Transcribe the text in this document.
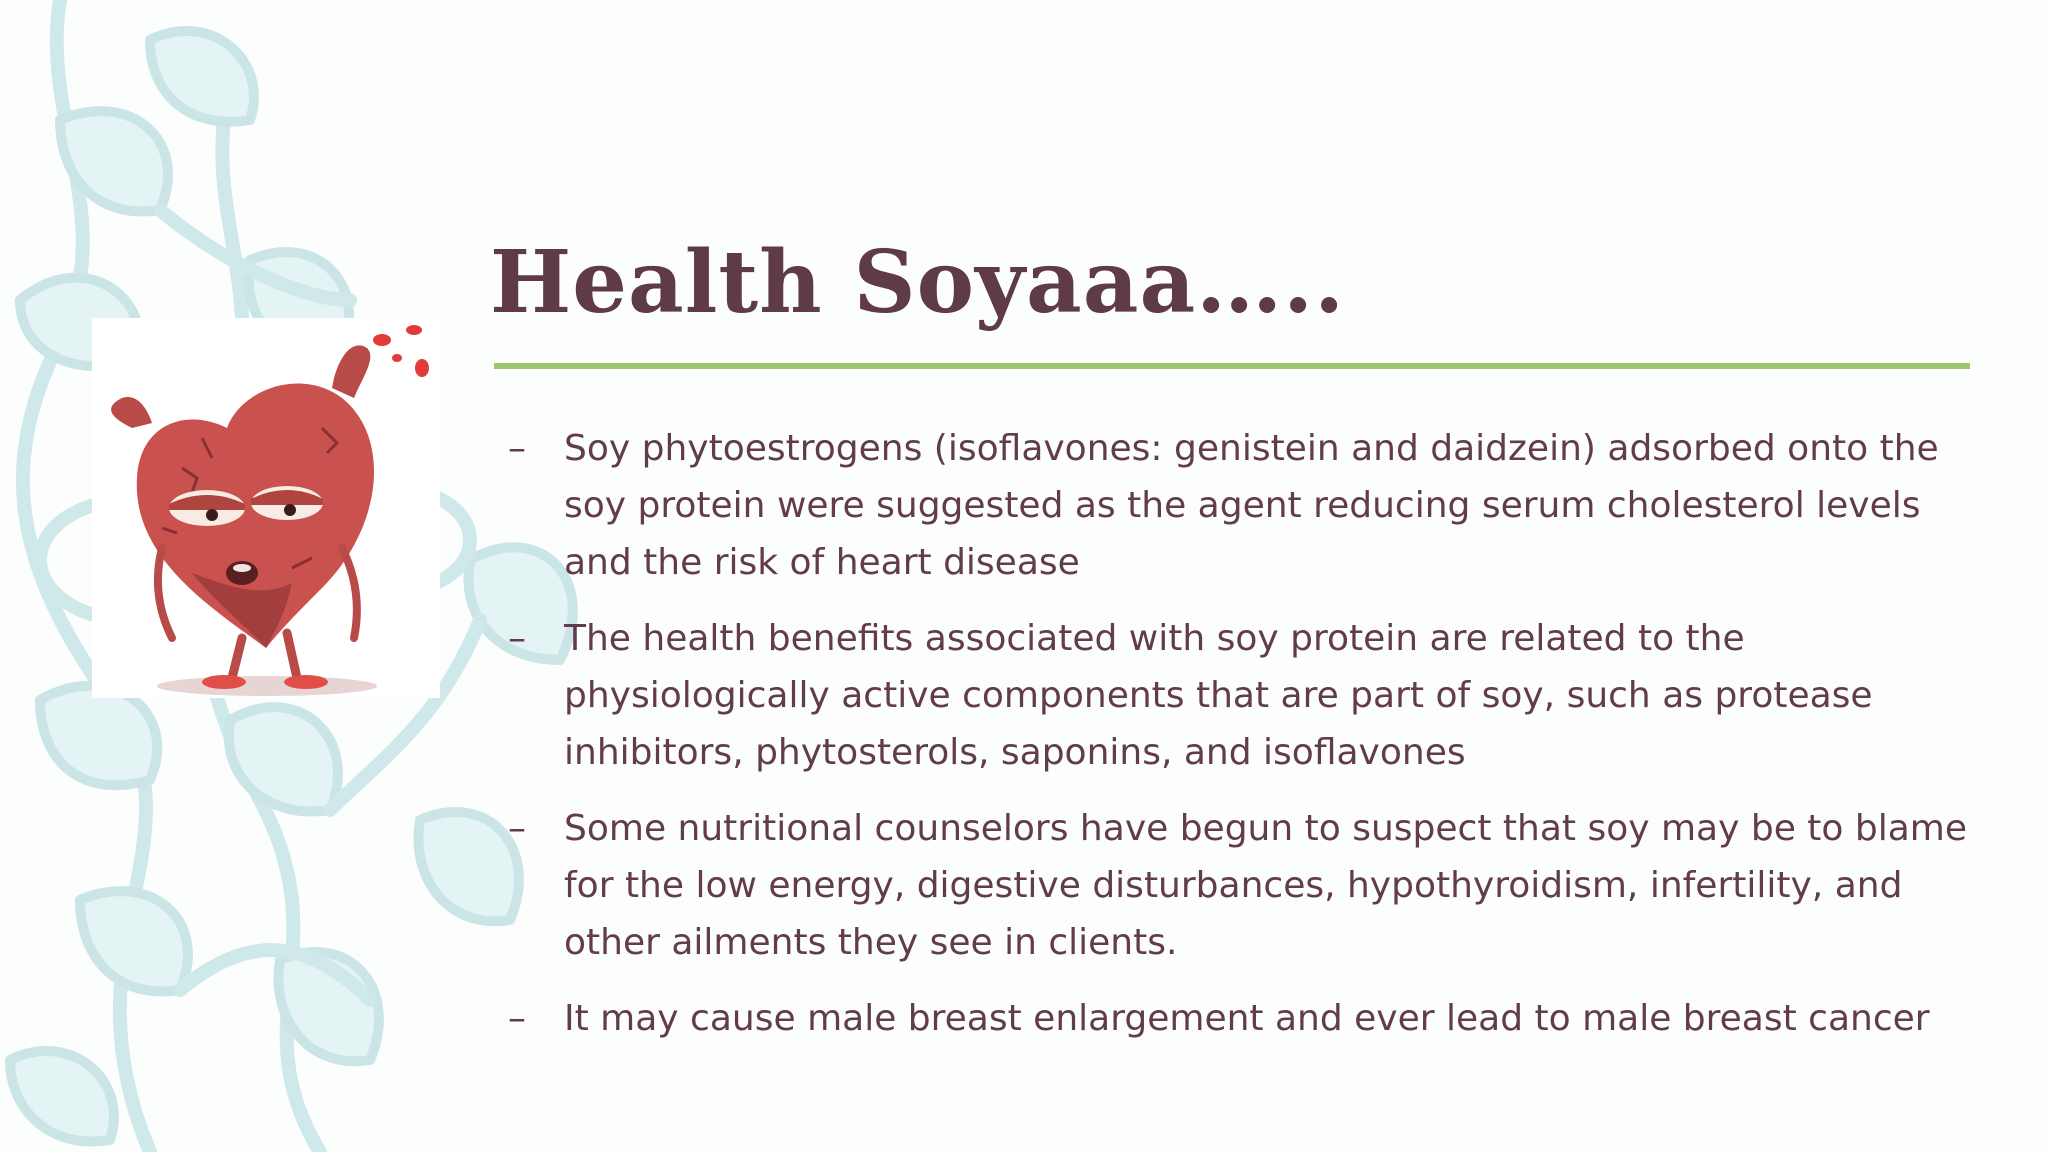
Health Soyaaa…..
–	Soy phytoestrogens (isoflavones: genistein and daidzein) adsorbed onto the soy protein were suggested as the agent reducing serum cholesterol levels and the risk of heart disease
–	The health benefits associated with soy protein are related to the physiologically active components that are part of soy, such as protease inhibitors, phytosterols, saponins, and isoflavones
–	Some nutritional counselors have begun to suspect that soy may be to blame for the low energy, digestive disturbances, hypothyroidism, infertility, and other ailments they see in clients.
–	It may cause male breast enlargement and ever lead to male breast cancer
